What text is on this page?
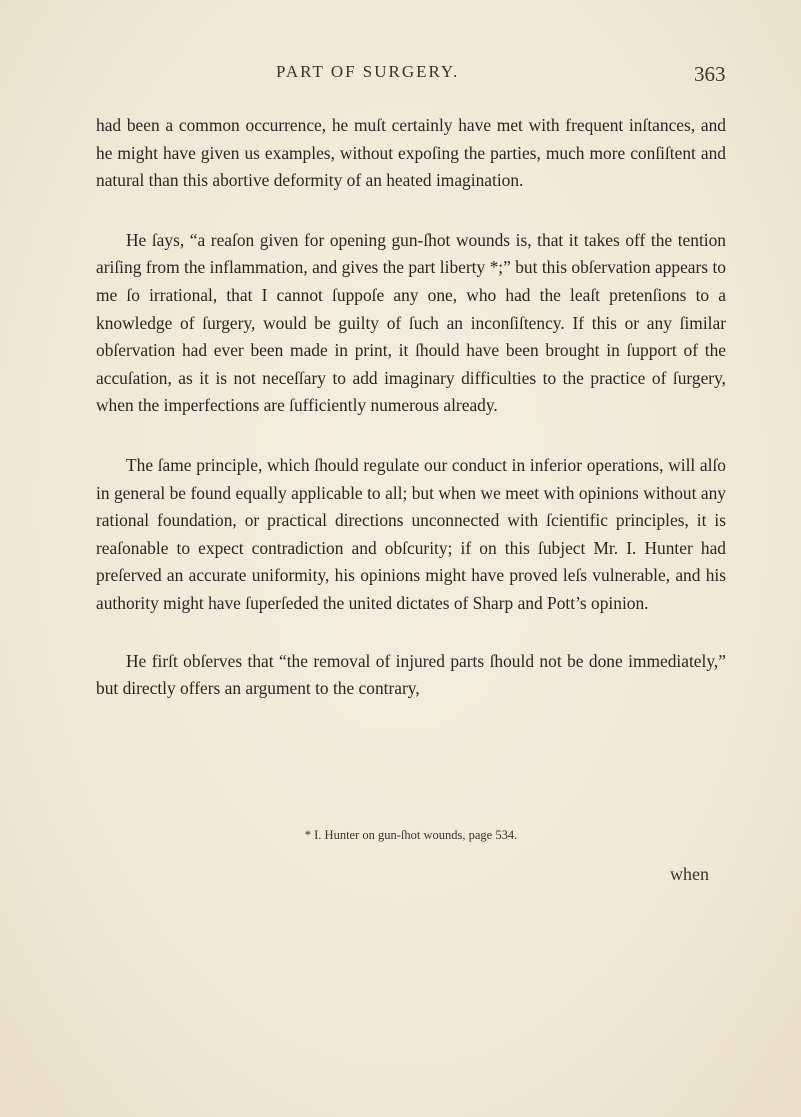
PART OF SURGERY.	363

had been a common occurrence, he muſt certainly have met with frequent inſtances, and he might have given us examples, without expoſing the parties, much more conſiſtent and natural than this abortive deformity of an heated imagination.

He ſays, “a reaſon given for opening gun-ſhot wounds is, that it takes off the tention ariſing from the inflammation, and gives the part liberty *;” but this obſervation appears to me ſo irrational, that I cannot ſuppoſe any one, who had the leaſt pretenſions to a knowledge of ſurgery, would be guilty of ſuch an inconſiſtency. If this or any ſimilar obſervation had ever been made in print, it ſhould have been brought in ſupport of the accuſation, as it is not neceſſary to add imaginary difficulties to the practice of ſurgery, when the imperfections are ſufficiently numerous already.

The ſame principle, which ſhould regulate our conduct in inferior operations, will alſo in general be found equally applicable to all; but when we meet with opinions without any rational foundation, or practical directions unconnected with ſcientific principles, it is reaſonable to expect contradiction and obſcurity; if on this ſubject Mr. I. Hunter had preſerved an accurate uniformity, his opinions might have proved leſs vulnerable, and his authority might have ſuperſeded the united dictates of Sharp and Pott’s opinion.

He firſt obſerves that “the removal of injured parts ſhould not be done immediately,” but directly offers an argument to the contrary,

* I. Hunter on gun-ſhot wounds, page 534.
when
